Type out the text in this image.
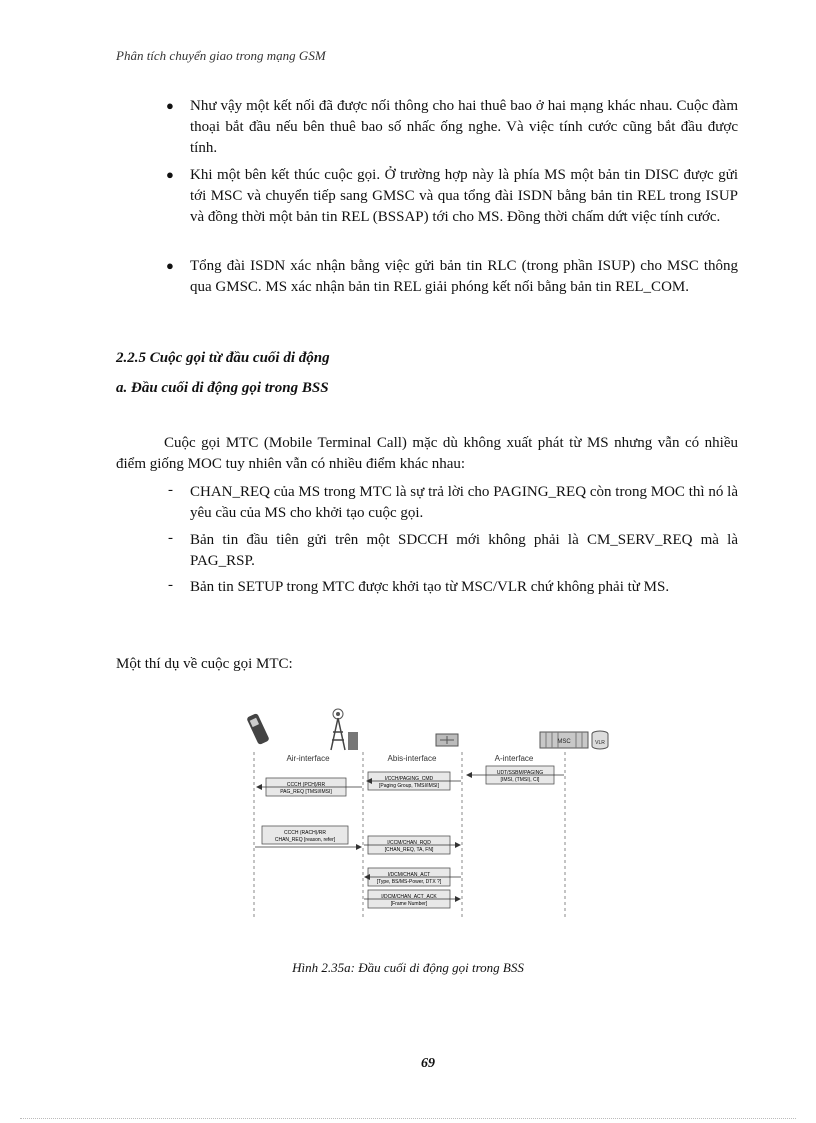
Phân tích chuyển giao trong mạng GSM
● Như vậy một kết nối đã được nối thông cho hai thuê bao ở hai mạng khác nhau. Cuộc đàm thoại bắt đầu nếu bên thuê bao số nhấc ống nghe. Và việc tính cước cũng bắt đầu được tính.
● Khi một bên kết thúc cuộc gọi. Ở trường hợp này là phía MS một bản tin DISC được gửi tới MSC và chuyển tiếp sang GMSC và qua tổng đài ISDN bằng bản tin REL trong ISUP và đồng thời một bản tin REL (BSSAP) tới cho MS. Đồng thời chấm dứt việc tính cước.
● Tổng đài ISDN xác nhận bằng việc gửi bản tin RLC (trong phần ISUP) cho MSC thông qua GMSC. MS xác nhận bản tin REL giải phóng kết nối bằng bản tin REL_COM.
2.2.5 Cuộc gọi từ đầu cuối di động
a. Đầu cuối di động gọi trong BSS
Cuộc gọi MTC (Mobile Terminal Call) mặc dù không xuất phát từ MS nhưng vẫn có nhiều điểm giống MOC tuy nhiên vẫn có nhiều điểm khác nhau:
- CHAN_REQ của MS trong MTC là sự trả lời cho PAGING_REQ còn trong MOC thì nó là yêu cầu của MS cho khởi tạo cuộc gọi.
- Bản tin đầu tiên gửi trên một SDCCH mới không phải là CM_SERV_REQ mà là PAG_RSP.
- Bản tin SETUP trong MTC được khởi tạo từ MSC/VLR chứ không phải từ MS.
Một thí dụ về cuộc gọi MTC:
MSC	VLR
Air-interface	Abis-interface	A-interface
UDT/SSBM/PAGING
[IMSI, (TMSI), CI]
I/CCH/PAGING_CMD
[Paging Group, TMSI/IMSI]
CCCH (PCH)/RR
PAG_REQ [TMSI/IMSI]
CCCH (RACH)/RR
CHAN_REQ [reason, refer]	I/CCM/CHAN_RQD
[CHAN_REQ, TA, FN]
I/DCM/CHAN_ACT
[Type, BS/MS-Power, DTX ?]
I/DCM/CHAN_ACT_ACK
[Frame Number]
Hình 2.35a: Đầu cuối di động gọi trong BSS
69
